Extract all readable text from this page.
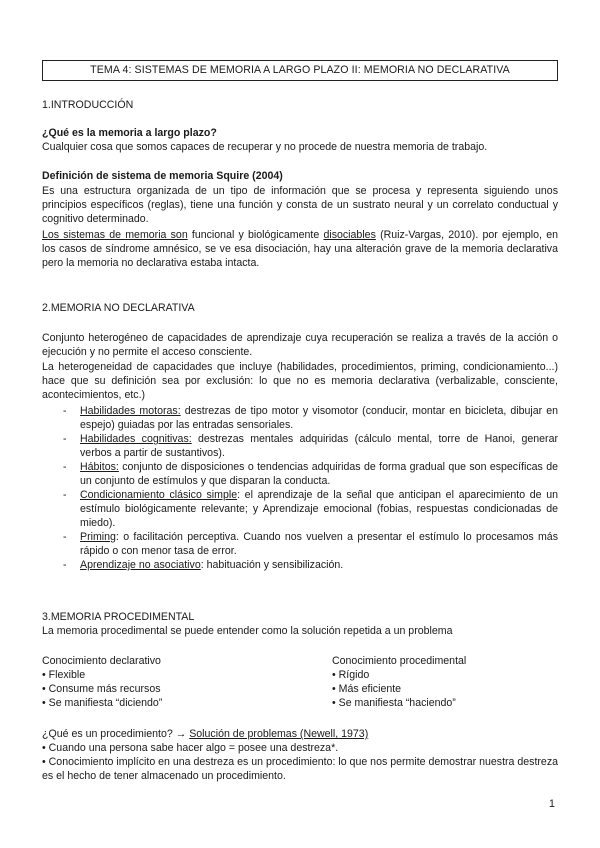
TEMA 4: SISTEMAS DE MEMORIA A LARGO PLAZO II: MEMORIA NO DECLARATIVA
1.INTRODUCCIÓN
¿Qué es la memoria a largo plazo?
Cualquier cosa que somos capaces de recuperar y no procede de nuestra memoria de trabajo.
Definición de sistema de memoria Squire (2004)
Es una estructura organizada de un tipo de información que se procesa y representa siguiendo unos principios específicos (reglas), tiene una función y consta de un sustrato neural y un correlato conductual y cognitivo determinado.
Los sistemas de memoria son funcional y biológicamente disociables (Ruiz-Vargas, 2010). por ejemplo, en los casos de síndrome amnésico, se ve esa disociación, hay una alteración grave de la memoria declarativa pero la memoria no declarativa estaba intacta.
2.MEMORIA NO DECLARATIVA
Conjunto heterogéneo de capacidades de aprendizaje cuya recuperación se realiza a través de la acción o ejecución y no permite el acceso consciente.
La heterogeneidad de capacidades que incluye (habilidades, procedimientos, priming, condicionamiento...) hace que su definición sea por exclusión: lo que no es memoria declarativa (verbalizable, consciente, acontecimientos, etc.)
- Habilidades motoras: destrezas de tipo motor y visomotor (conducir, montar en bicicleta, dibujar en espejo) guiadas por las entradas sensoriales.
- Habilidades cognitivas: destrezas mentales adquiridas (cálculo mental, torre de Hanoi, generar verbos a partir de sustantivos).
- Hábitos: conjunto de disposiciones o tendencias adquiridas de forma gradual que son específicas de un conjunto de estímulos y que disparan la conducta.
- Condicionamiento clásico simple: el aprendizaje de la señal que anticipan el aparecimiento de un estímulo biológicamente relevante; y Aprendizaje emocional (fobias, respuestas condicionadas de miedo).
- Priming: o facilitación perceptiva. Cuando nos vuelven a presentar el estímulo lo procesamos más rápido o con menor tasa de error.
- Aprendizaje no asociativo: habituación y sensibilización.
3.MEMORIA PROCEDIMENTAL
La memoria procedimental se puede entender como la solución repetida a un problema
Conocimiento declarativo
• Flexible
• Consume más recursos
• Se manifiesta “diciendo”
Conocimiento procedimental
• Rígido
• Más eficiente
• Se manifiesta “haciendo”
¿Qué es un procedimiento? → Solución de problemas (Newell, 1973)
• Cuando una persona sabe hacer algo = posee una destreza*.
• Conocimiento implícito en una destreza es un procedimiento: lo que nos permite demostrar nuestra destreza es el hecho de tener almacenado un procedimiento.
1
